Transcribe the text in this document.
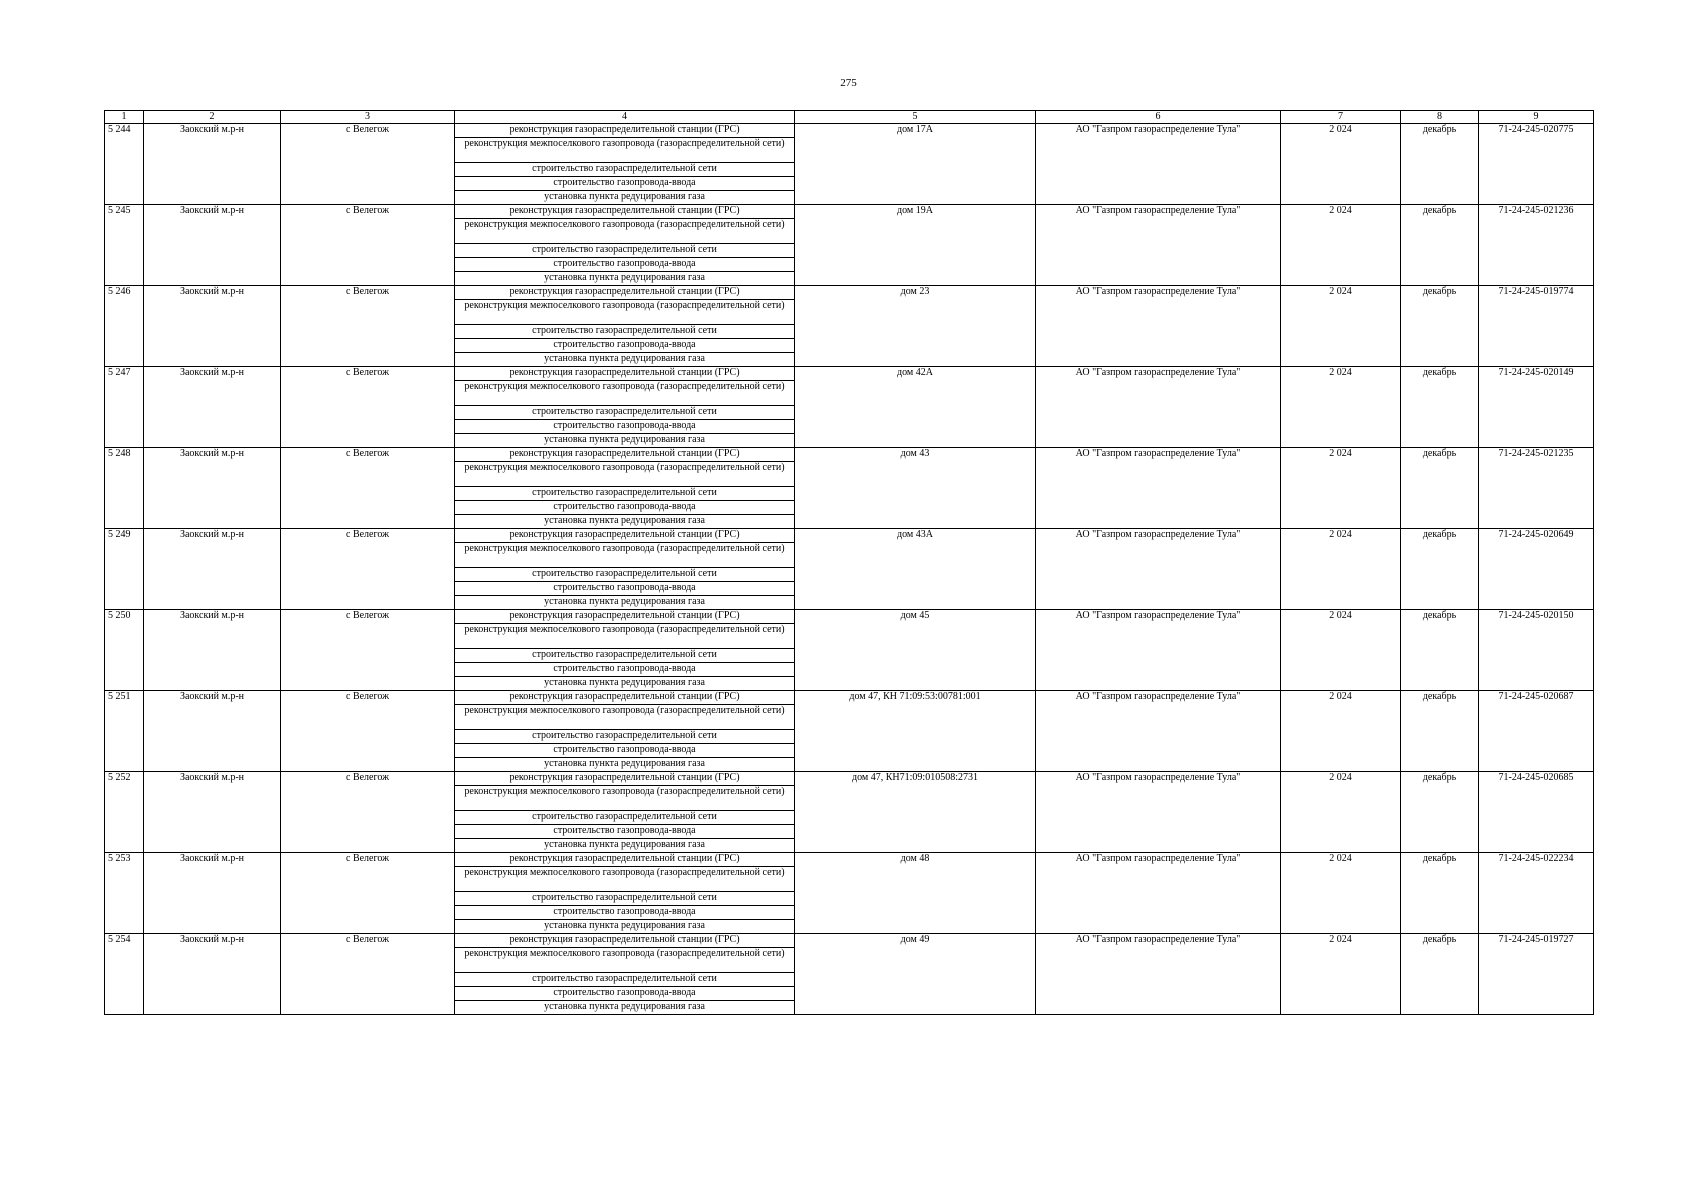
275
1	2	3	4	5	6	7	8	9
5 244	Заокский м.р-н	с Велегож	реконструкция газораспределительной станции (ГРС)	дом 17А	АО "Газпром газораспределение Тула"	2 024	декабрь	71-24-245-020775
			реконструкция межпоселкового газопровода (газораспределительной сети)					
			строительство газораспределительной сети					
			строительство газопровода-ввода					
			установка пункта редуцирования газа					
5 245	Заокский м.р-н	с Велегож	реконструкция газораспределительной станции (ГРС)	дом 19А	АО "Газпром газораспределение Тула"	2 024	декабрь	71-24-245-021236
			реконструкция межпоселкового газопровода (газораспределительной сети)					
			строительство газораспределительной сети					
			строительство газопровода-ввода					
			установка пункта редуцирования газа					
5 246	Заокский м.р-н	с Велегож	реконструкция газораспределительной станции (ГРС)	дом 23	АО "Газпром газораспределение Тула"	2 024	декабрь	71-24-245-019774
			реконструкция межпоселкового газопровода (газораспределительной сети)					
			строительство газораспределительной сети					
			строительство газопровода-ввода					
			установка пункта редуцирования газа					
5 247	Заокский м.р-н	с Велегож	реконструкция газораспределительной станции (ГРС)	дом 42А	АО "Газпром газораспределение Тула"	2 024	декабрь	71-24-245-020149
			реконструкция межпоселкового газопровода (газораспределительной сети)					
			строительство газораспределительной сети					
			строительство газопровода-ввода					
			установка пункта редуцирования газа					
5 248	Заокский м.р-н	с Велегож	реконструкция газораспределительной станции (ГРС)	дом 43	АО "Газпром газораспределение Тула"	2 024	декабрь	71-24-245-021235
			реконструкция межпоселкового газопровода (газораспределительной сети)					
			строительство газораспределительной сети					
			строительство газопровода-ввода					
			установка пункта редуцирования газа					
5 249	Заокский м.р-н	с Велегож	реконструкция газораспределительной станции (ГРС)	дом 43А	АО "Газпром газораспределение Тула"	2 024	декабрь	71-24-245-020649
			реконструкция межпоселкового газопровода (газораспределительной сети)					
			строительство газораспределительной сети					
			строительство газопровода-ввода					
			установка пункта редуцирования газа					
5 250	Заокский м.р-н	с Велегож	реконструкция газораспределительной станции (ГРС)	дом 45	АО "Газпром газораспределение Тула"	2 024	декабрь	71-24-245-020150
			реконструкция межпоселкового газопровода (газораспределительной сети)					
			строительство газораспределительной сети					
			строительство газопровода-ввода					
			установка пункта редуцирования газа					
5 251	Заокский м.р-н	с Велегож	реконструкция газораспределительной станции (ГРС)	дом 47, КН 71:09:53:00781:001	АО "Газпром газораспределение Тула"	2 024	декабрь	71-24-245-020687
			реконструкция межпоселкового газопровода (газораспределительной сети)					
			строительство газораспределительной сети					
			строительство газопровода-ввода					
			установка пункта редуцирования газа					
5 252	Заокский м.р-н	с Велегож	реконструкция газораспределительной станции (ГРС)	дом 47, КН71:09:010508:2731	АО "Газпром газораспределение Тула"	2 024	декабрь	71-24-245-020685
			реконструкция межпоселкового газопровода (газораспределительной сети)					
			строительство газораспределительной сети					
			строительство газопровода-ввода					
			установка пункта редуцирования газа					
5 253	Заокский м.р-н	с Велегож	реконструкция газораспределительной станции (ГРС)	дом 48	АО "Газпром газораспределение Тула"	2 024	декабрь	71-24-245-022234
			реконструкция межпоселкового газопровода (газораспределительной сети)					
			строительство газораспределительной сети					
			строительство газопровода-ввода					
			установка пункта редуцирования газа					
5 254	Заокский м.р-н	с Велегож	реконструкция газораспределительной станции (ГРС)	дом 49	АО "Газпром газораспределение Тула"	2 024	декабрь	71-24-245-019727
			реконструкция межпоселкового газопровода (газораспределительной сети)					
			строительство газораспределительной сети					
			строительство газопровода-ввода					
			установка пункта редуцирования газа					
